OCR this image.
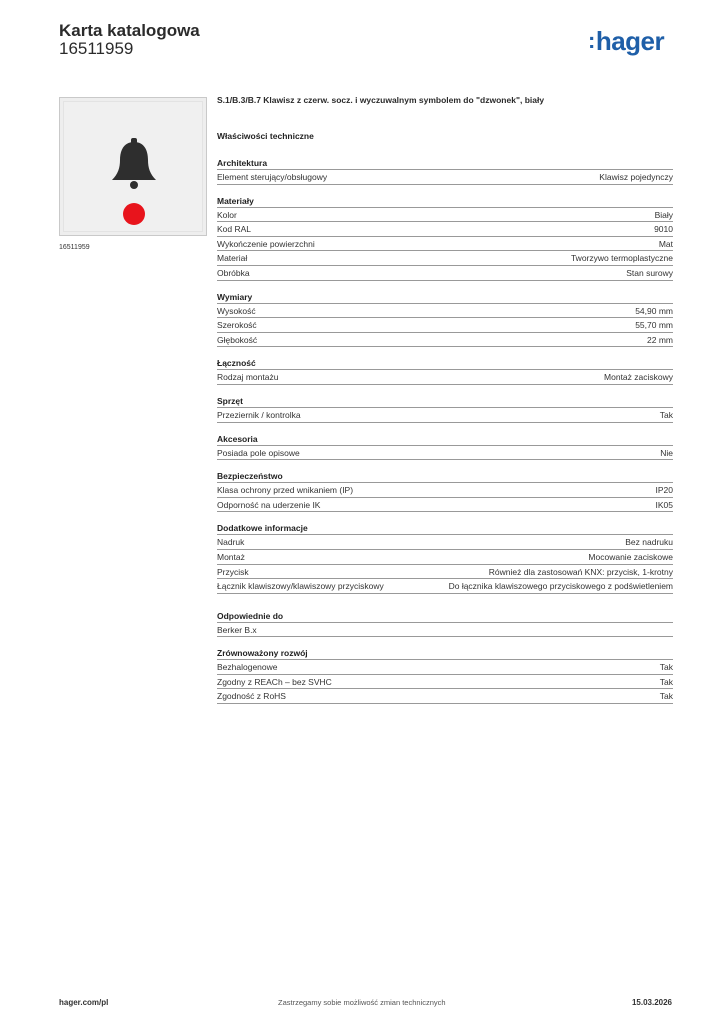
Karta katalogowa
16511959	:hager
16511959
S.1/B.3/B.7 Klawisz z czerw. socz. i wyczuwalnym symbolem do "dzwonek", biały
Właściwości techniczne
Architektura
Element sterujący/obsługowy	Klawisz pojedynczy
Materiały
Kolor	Biały
Kod RAL	9010
Wykończenie powierzchni	Mat
Materiał	Tworzywo termoplastyczne
Obróbka	Stan surowy
Wymiary
Wysokość	54,90 mm
Szerokość	55,70 mm
Głębokość	22 mm
Łączność
Rodzaj montażu	Montaż zaciskowy
Sprzęt
Przeziernik / kontrolka	Tak
Akcesoria
Posiada pole opisowe	Nie
Bezpieczeństwo
Klasa ochrony przed wnikaniem (IP)	IP20
Odporność na uderzenie IK	IK05
Dodatkowe informacje
Nadruk	Bez nadruku
Montaż	Mocowanie zaciskowe
Przycisk	Również dla zastosowań KNX: przycisk, 1-krotny
Łącznik klawiszowy/klawiszowy przyciskowy	Do łącznika klawiszowego przyciskowego z podświetleniem
Odpowiednie do
Berker B.x
Zrównoważony rozwój
Bezhalogenowe	Tak
Zgodny z REACh – bez SVHC	Tak
Zgodność z RoHS	Tak
hager.com/pl	Zastrzegamy sobie możliwość zmian technicznych	15.03.2026
